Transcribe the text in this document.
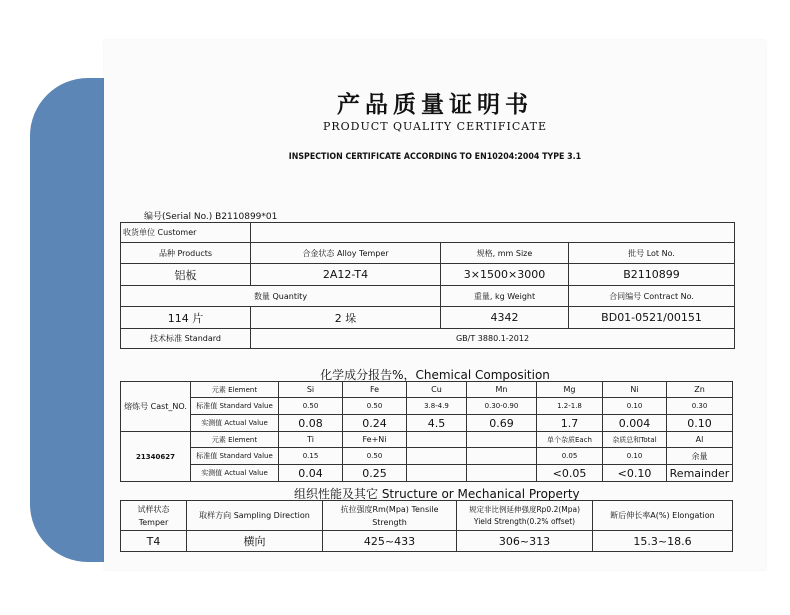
产品质量证明书
PRODUCT QUALITY CERTIFICATE
INSPECTION CERTIFICATE ACCORDING TO EN10204:2004 TYPE 3.1
编号(Serial No.) B2110899*01
收货单位 Customer			
品种 Products	合金状态 Alloy Temper	规格, mm Size	批号 Lot No.
铝板	2A12-T4	3×1500×3000	B2110899
数量 Quantity		重量, kg Weight	合同编号 Contract No.
114 片	2 垛	4342	BD01-0521/00151
技术标准 Standard	GB/T 3880.1-2012		
化学成分报告%，Chemical Composition
熔炼号 Cast_NO.	元素 Element	Si	Fe	Cu	Mn	Mg	Ni	Zn
	标准值 Standard Value	0.50	0.50	3.8-4.9	0.30-0.90	1.2-1.8	0.10	0.30
	实测值 Actual Value	0.08	0.24	4.5	0.69	1.7	0.004	0.10
21340627	元素 Element	Ti	Fe+Ni			单个杂质Each	杂质总和Total	Al
	标准值 Standard Value	0.15	0.50			0.05	0.10	余量
	实测值 Actual Value	0.04	0.25			<0.05	<0.10	Remainder
组织性能及其它 Structure or Mechanical Property
试样状态 Temper	取样方向 Sampling Direction	抗拉强度Rm(Mpa) Tensile Strength	规定非比例延伸强度Rp0.2(Mpa) Yield Strength(0.2% offset)	断后伸长率A(%) Elongation
T4	横向	425~433	306~313	15.3~18.6
